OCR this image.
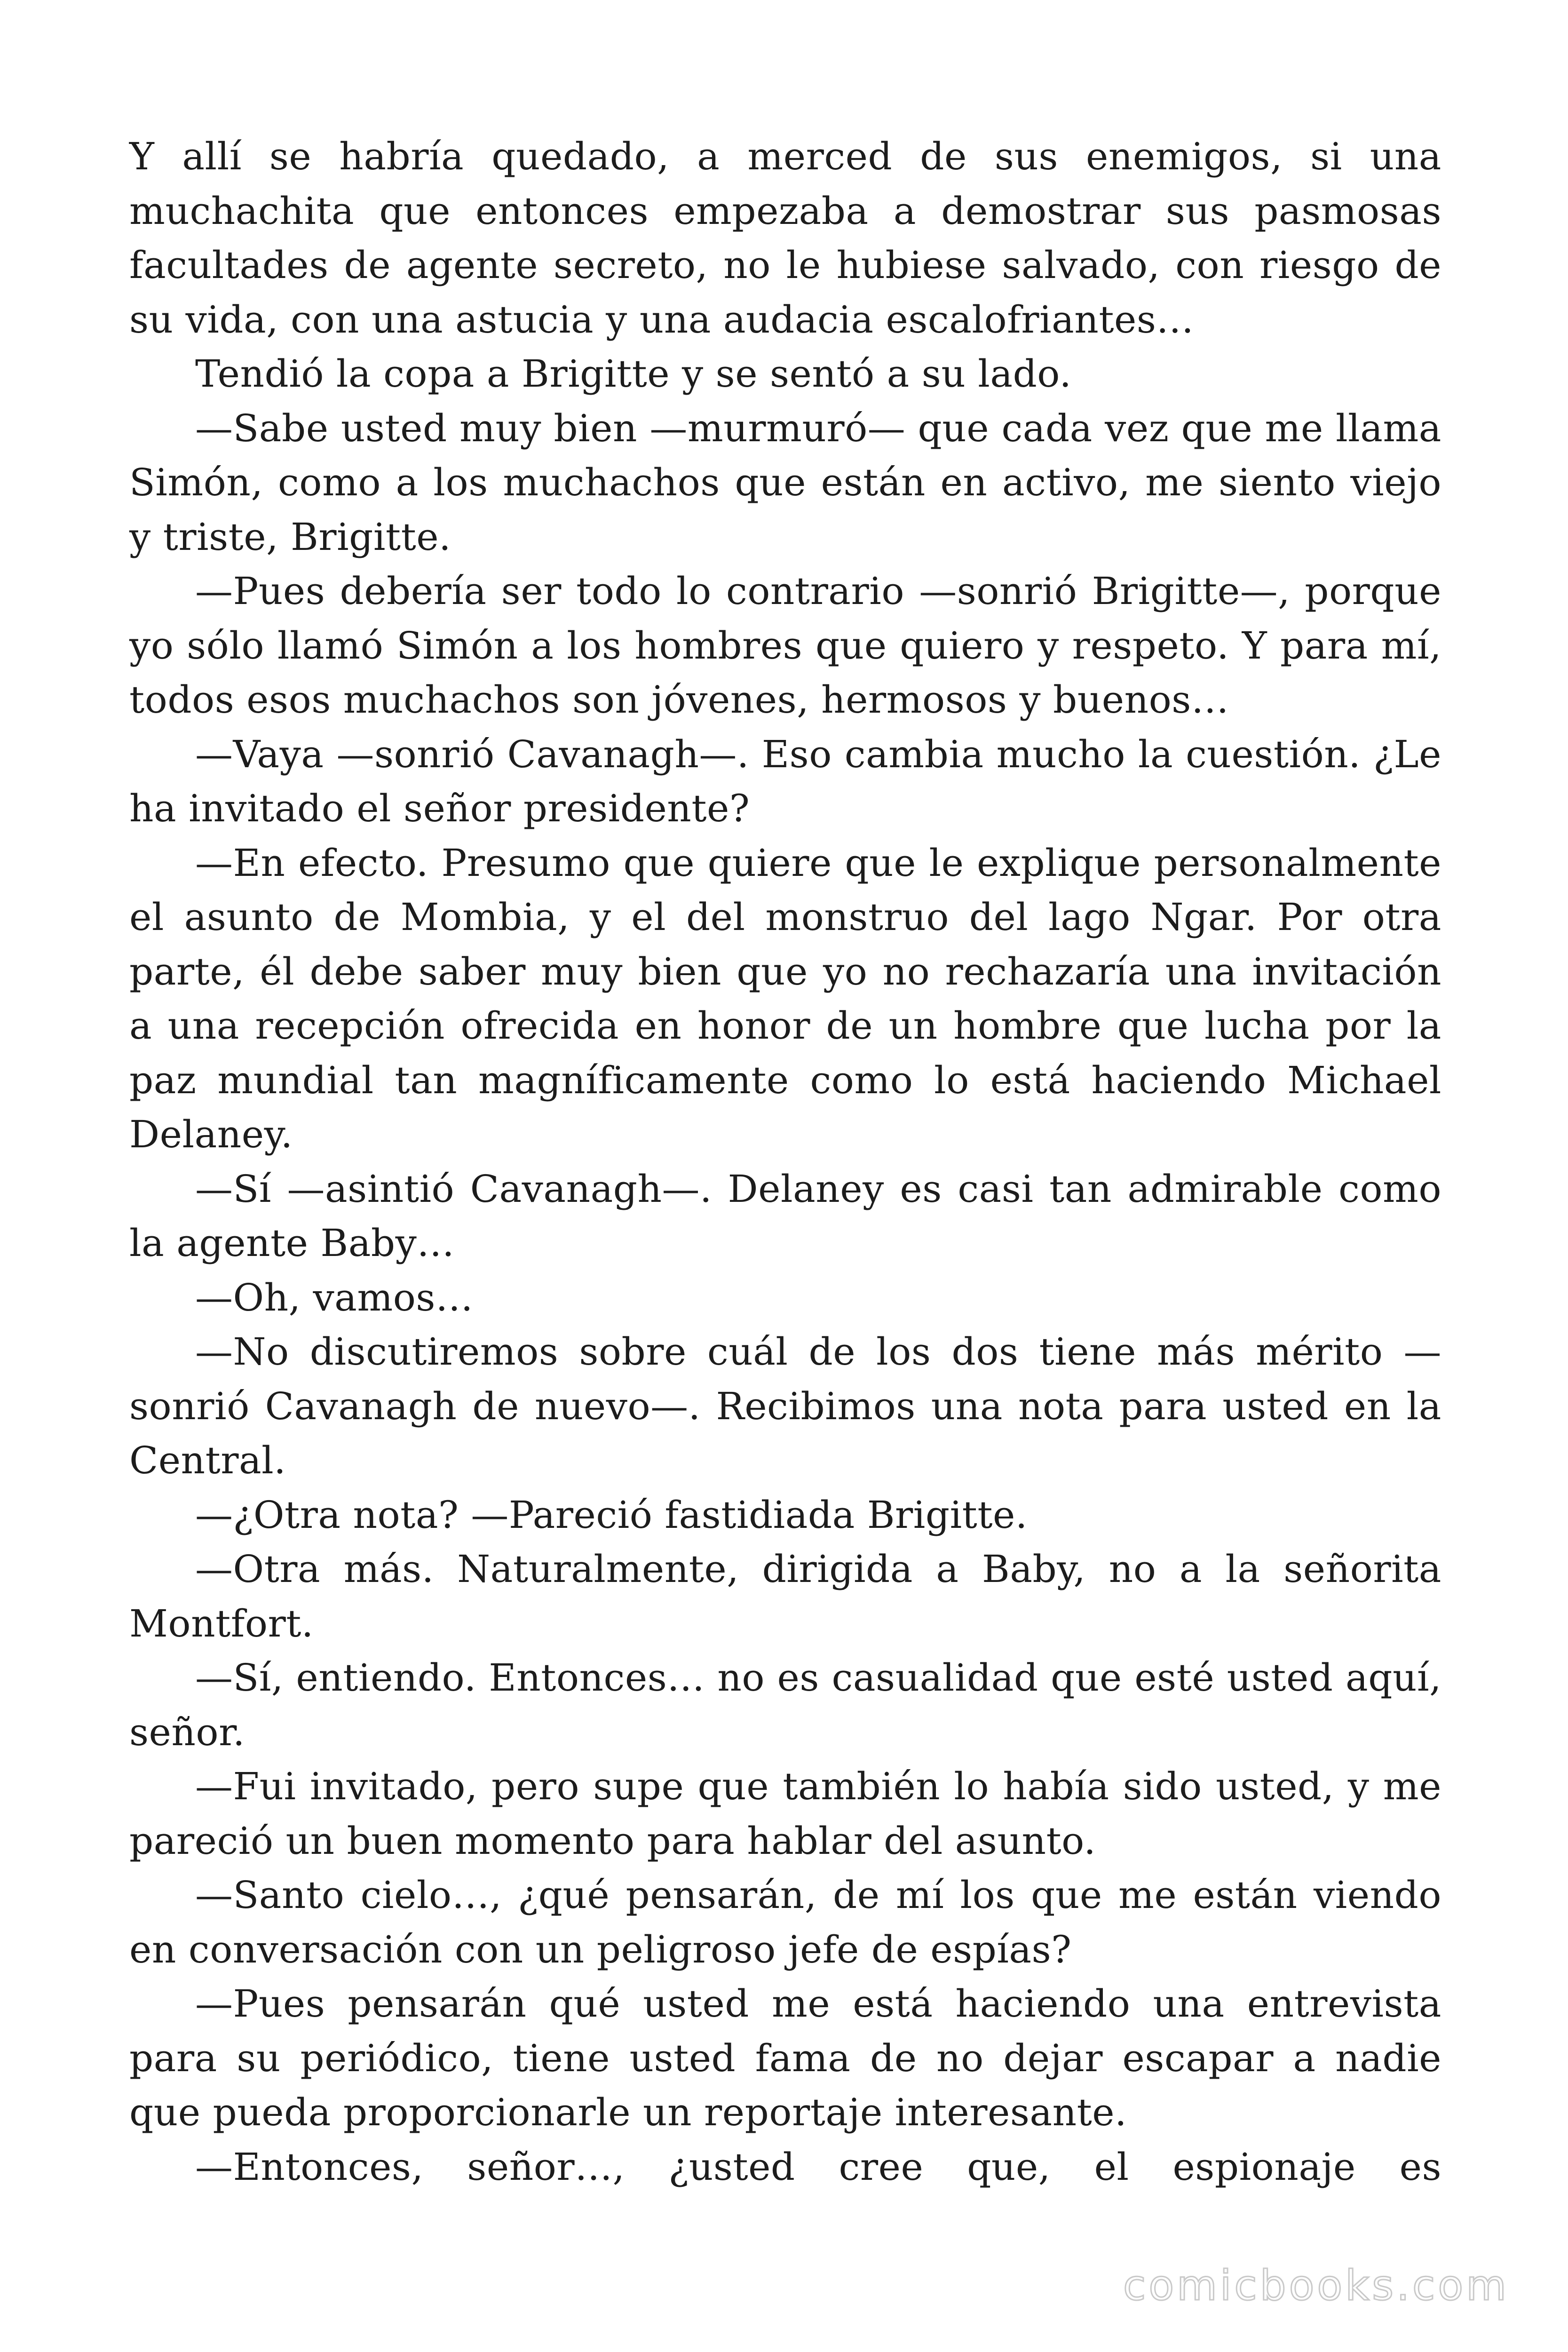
Y allí se habría quedado, a merced de sus enemigos, si una muchachita que entonces empezaba a demostrar sus pasmosas facultades de agente secreto, no le hubiese salvado, con riesgo de su vida, con una astucia y una audacia escalofriantes…

Tendió la copa a Brigitte y se sentó a su lado.

—Sabe usted muy bien —murmuró— que cada vez que me llama Simón, como a los muchachos que están en activo, me siento viejo y triste, Brigitte.

—Pues debería ser todo lo contrario —sonrió Brigitte—, porque yo sólo llamó Simón a los hombres que quiero y respeto. Y para mí, todos esos muchachos son jóvenes, hermosos y buenos…

—Vaya —sonrió Cavanagh—. Eso cambia mucho la cuestión. ¿Le ha invitado el señor presidente?

—En efecto. Presumo que quiere que le explique personalmente el asunto de Mombia, y el del monstruo del lago Ngar. Por otra parte, él debe saber muy bien que yo no rechazaría una invitación a una recepción ofrecida en honor de un hombre que lucha por la paz mundial tan magníficamente como lo está haciendo Michael Delaney.

—Sí —asintió Cavanagh—. Delaney es casi tan admirable como la agente Baby…

—Oh, vamos…

—No discutiremos sobre cuál de los dos tiene más mérito —sonrió Cavanagh de nuevo—. Recibimos una nota para usted en la Central.

—¿Otra nota? —Pareció fastidiada Brigitte.

—Otra más. Naturalmente, dirigida a Baby, no a la señorita Montfort.

—Sí, entiendo. Entonces… no es casualidad que esté usted aquí, señor.

—Fui invitado, pero supe que también lo había sido usted, y me pareció un buen momento para hablar del asunto.

—Santo cielo…, ¿qué pensarán, de mí los que me están viendo en conversación con un peligroso jefe de espías?

—Pues pensarán qué usted me está haciendo una entrevista para su periódico, tiene usted fama de no dejar escapar a nadie que pueda proporcionarle un reportaje interesante.

—Entonces, señor…, ¿usted cree que, el espionaje es

comicbooks.com
